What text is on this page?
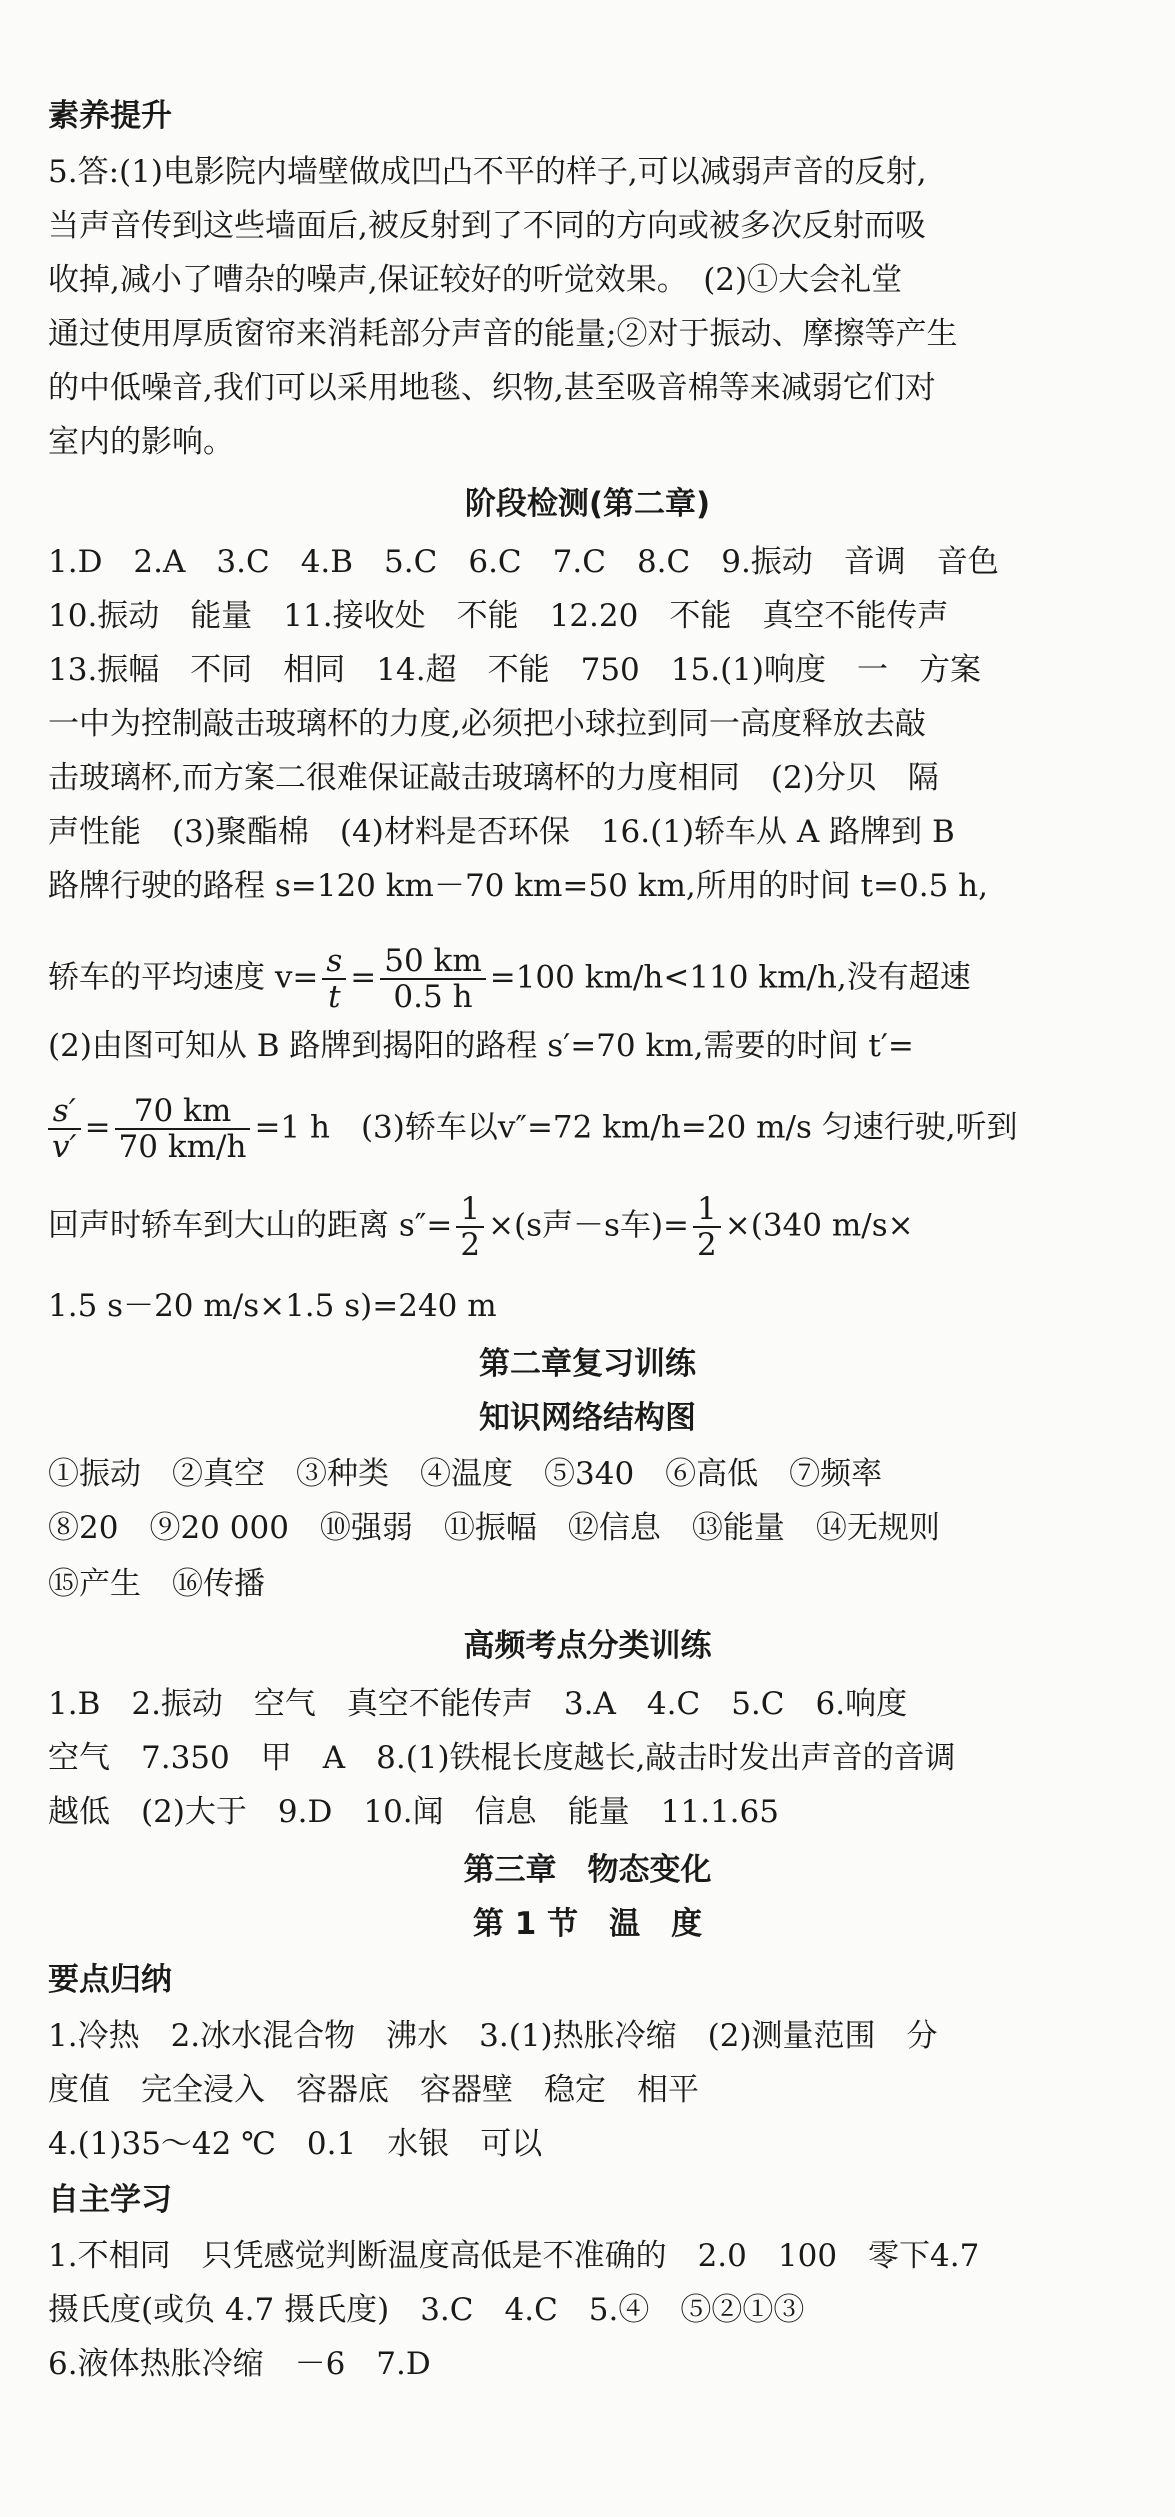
素养提升
5.答:(1)电影院内墙壁做成凹凸不平的样子,可以减弱声音的反射,
当声音传到这些墙面后,被反射到了不同的方向或被多次反射而吸
收掉,减小了嘈杂的噪声,保证较好的听觉效果。　(2)①大会礼堂
通过使用厚质窗帘来消耗部分声音的能量;②对于振动、摩擦等产生
的中低噪音,我们可以采用地毯、织物,甚至吸音棉等来减弱它们对
室内的影响。
阶段检测(第二章)
1.D　2.A　3.C　4.B　5.C　6.C　7.C　8.C　9.振动　音调　音色
10.振动　能量　11.接收处　不能　12.20　不能　真空不能传声
13.振幅　不同　相同　14.超　不能　750　15.(1)响度　一　方案
一中为控制敲击玻璃杯的力度,必须把小球拉到同一高度释放去敲
击玻璃杯,而方案二很难保证敲击玻璃杯的力度相同　(2)分贝　隔
声性能　(3)聚酯棉　(4)材料是否环保　16.(1)轿车从 A 路牌到 B
路牌行驶的路程 s=120 km－70 km=50 km,所用的时间 t=0.5 h,
轿车的平均速度 $v= \frac{s}{t} = \frac{50 km}{0.5 h} =100$ km/h<110 km/h,没有超速
(2)由图可知从 B 路牌到揭阳的路程 s′=70 km,需要的时间 t′=
$\frac{s'}{v'} = \frac{70 km}{70 km/h} =1$ h　(3)轿车以v″=72 km/h=20 m/s 匀速行驶,听到
回声时轿车到大山的距离 $s''= \frac{1}{2} \times(s$声－s车)= $\frac{1}{2} \times(340$ m/s×
1.5 s－20 m/s×1.5 s)=240 m
第二章复习训练
知识网络结构图
①振动　②真空　③种类　④温度　⑤340　⑥高低　⑦频率
⑧20　⑨20 000　⑩强弱　⑪振幅　⑫信息　⑬能量　⑭无规则
⑮产生　⑯传播
高频考点分类训练
1.B　2.振动　空气　真空不能传声　3.A　4.C　5.C　6.响度
空气　7.350　甲　A　8.(1)铁棍长度越长,敲击时发出声音的音调
越低　(2)大于　9.D　10.闻　信息　能量　11.1.65
第三章　物态变化
第 1 节　温　度
要点归纳
1.冷热　2.冰水混合物　沸水　3.(1)热胀冷缩　(2)测量范围　分
度值　完全浸入　容器底　容器壁　稳定　相平
4.(1)35～42 ℃　0.1　水银　可以
自主学习
1.不相同　只凭感觉判断温度高低是不准确的　2.0　100　零下4.7
摄氏度(或负 4.7 摄氏度)　3.C　4.C　5.④　⑤②①③
6.液体热胀冷缩　－6　7.D
